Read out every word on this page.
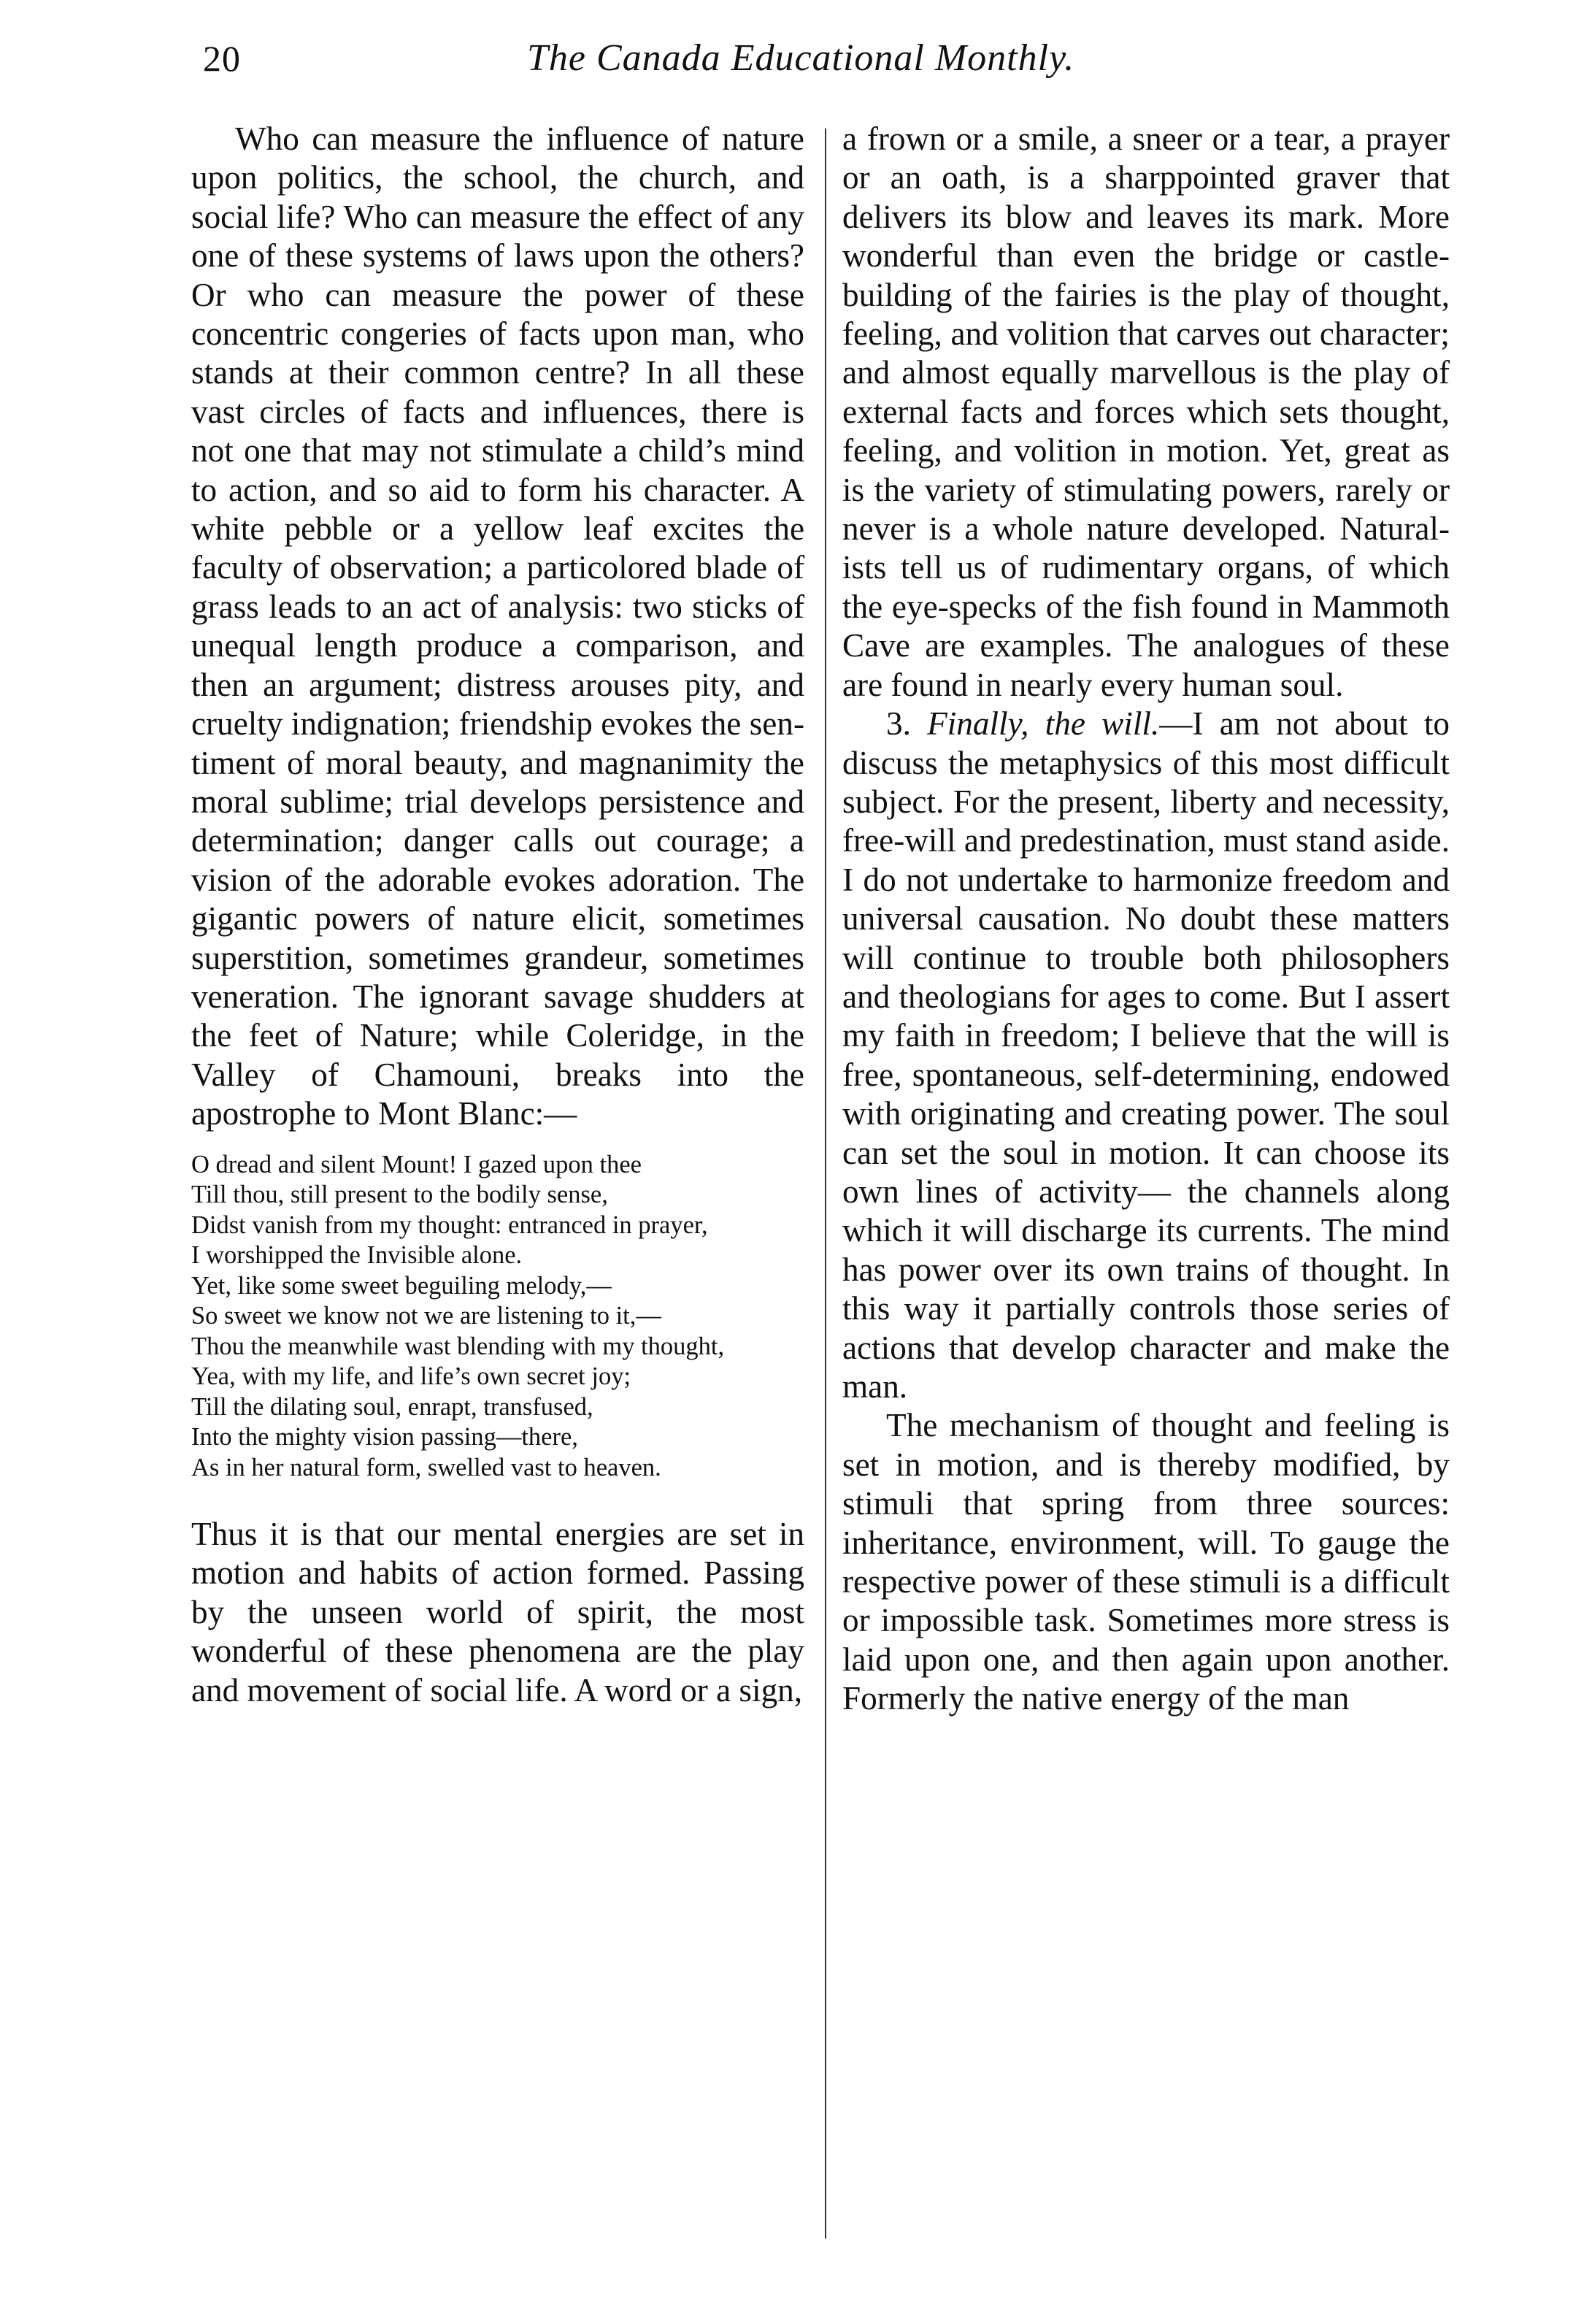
20	The Canada Educational Monthly.

Who can measure the influence of nature upon politics, the school, the church, and social life? Who can measure the effect of any one of these systems of laws upon the others? Or who can measure the power of these concentric congeries of facts upon man, who stands at their common centre? In all these vast circles of facts and influences, there is not one that may not stimulate a child’s mind to action, and so aid to form his character. A white pebble or a yellow leaf excites the faculty of observation; a particolored blade of grass leads to an act of analysis: two sticks of unequal length produce a comparison, and then an argument; distress arouses pity, and cruelty indignation; friendship evokes the sentiment of moral beauty, and magnanimity the moral sublime; trial develops persistence and determination; danger calls out courage; a vision of the adorable evokes adoration. The gigantic powers of nature elicit, sometimes superstition, sometimes grandeur, sometimes veneration. The ignorant savage shudders at the feet of Nature; while Coleridge, in the Valley of Chamouni, breaks into the apostrophe to Mont Blanc:—

O dread and silent Mount! I gazed upon thee
Till thou, still present to the bodily sense,
Didst vanish from my thought: entranced in prayer,
I worshipped the Invisible alone.
Yet, like some sweet beguiling melody,—
So sweet we know not we are listening to it,—
Thou the meanwhile wast blending with my thought,
Yea, with my life, and life’s own secret joy;
Till the dilating soul, enrapt, transfused,
Into the mighty vision passing—there,
As in her natural form, swelled vast to heaven.

Thus it is that our mental energies are set in motion and habits of action formed. Passing by the unseen world of spirit, the most wonderful of these phenomena are the play and movement of social life. A word or a sign,

a frown or a smile, a sneer or a tear, a prayer or an oath, is a sharppointed graver that delivers its blow and leaves its mark. More wonderful than even the bridge or castlebuilding of the fairies is the play of thought, feeling, and volition that carves out character; and almost equally marvellous is the play of external facts and forces which sets thought, feeling, and volition in motion. Yet, great as is the variety of stimulating powers, rarely or never is a whole nature developed. Naturalists tell us of rudimentary organs, of which the eye-specks of the fish found in Mammoth Cave are examples. The analogues of these are found in nearly every human soul.

3. Finally, the will.—I am not about to discuss the metaphysics of this most difficult subject. For the present, liberty and necessity, free-will and predestination, must stand aside. I do not undertake to harmonize freedom and universal causation. No doubt these matters will continue to trouble both philosophers and theologians for ages to come. But I assert my faith in freedom; I believe that the will is free, spontaneous, self-determining, endowed with originating and creating power. The soul can set the soul in motion. It can choose its own lines of activity— the channels along which it will discharge its currents. The mind has power over its own trains of thought. In this way it partially controls those series of actions that develop character and make the man.

The mechanism of thought and feeling is set in motion, and is thereby modified, by stimuli that spring from three sources: inheritance, environment, will. To gauge the respective power of these stimuli is a difficult or impossible task. Sometimes more stress is laid upon one, and then again upon another. Formerly the native energy of the man
